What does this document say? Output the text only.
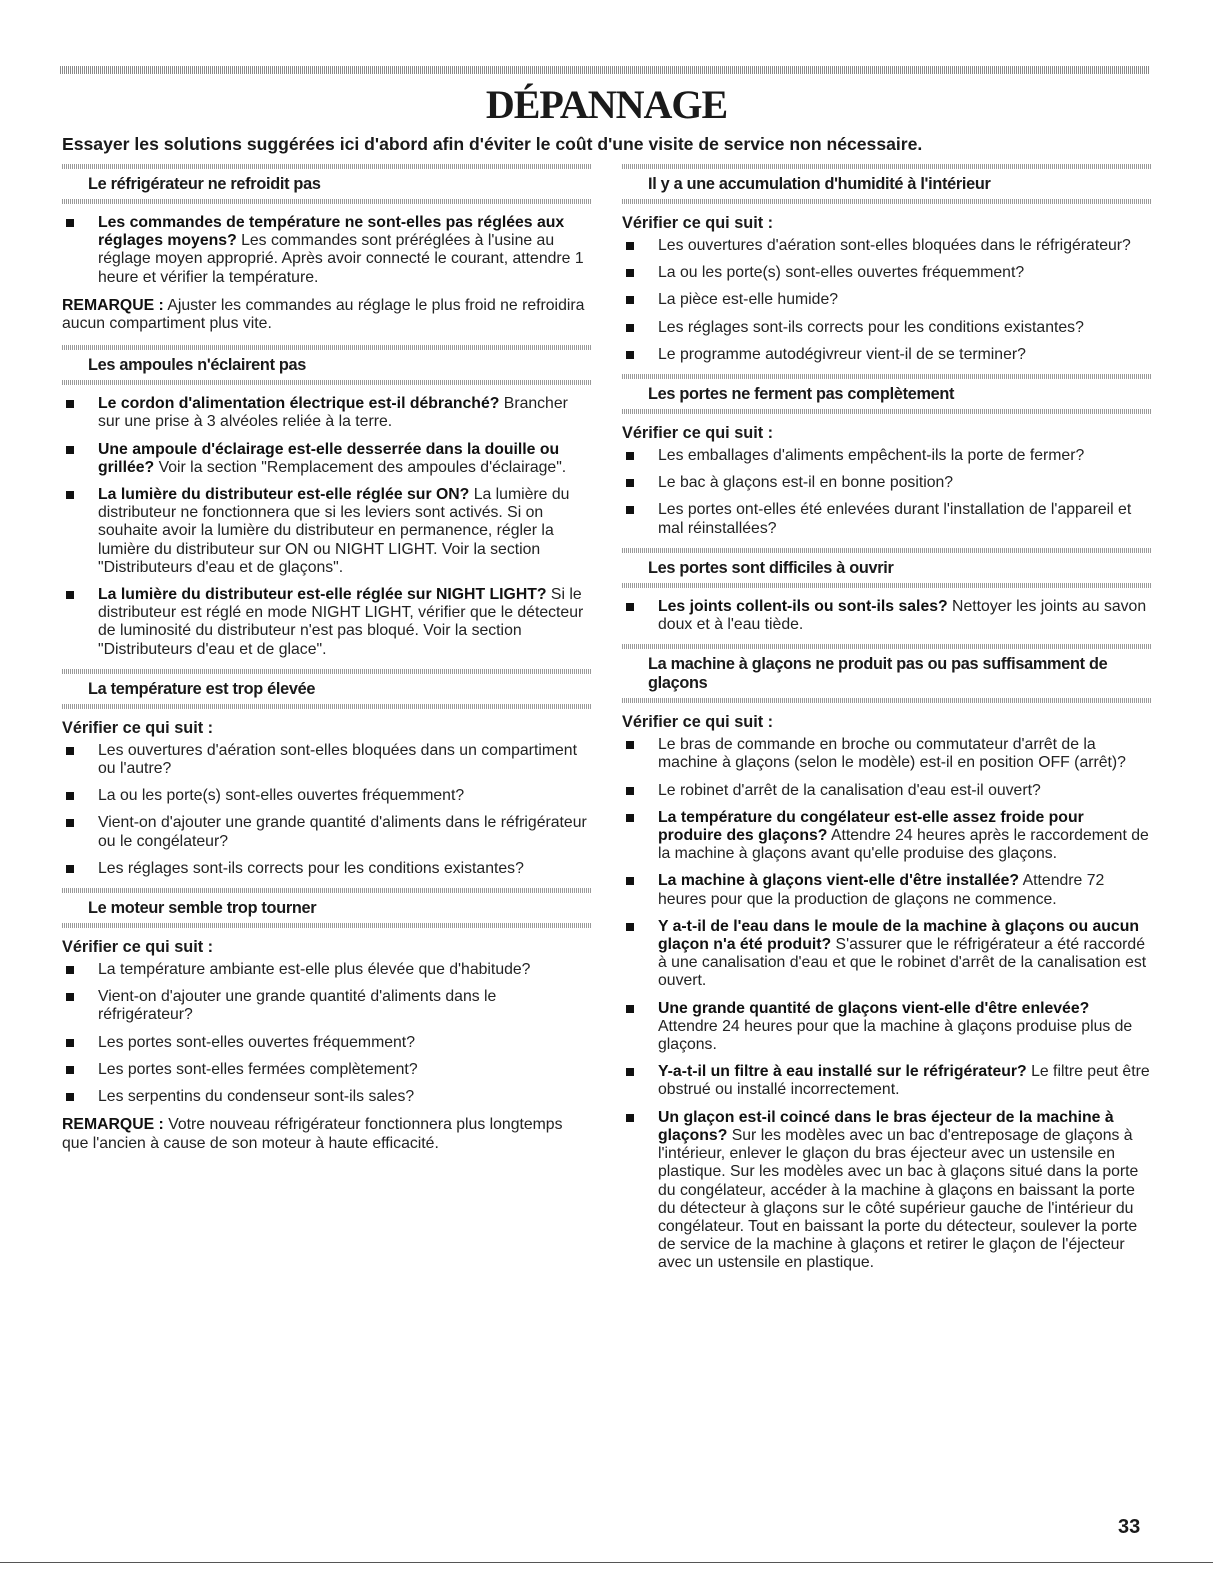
DÉPANNAGE

Essayer les solutions suggérées ici d'abord afin d'éviter le coût d'une visite de service non nécessaire.

Le réfrigérateur ne refroidit pas

Les commandes de température ne sont-elles pas réglées aux réglages moyens? Les commandes sont préréglées à l'usine au réglage moyen approprié. Après avoir connecté le courant, attendre 1 heure et vérifier la température.

REMARQUE : Ajuster les commandes au réglage le plus froid ne refroidira aucun compartiment plus vite.

Les ampoules n'éclairent pas

Le cordon d'alimentation électrique est-il débranché? Brancher sur une prise à 3 alvéoles reliée à la terre.
Une ampoule d'éclairage est-elle desserrée dans la douille ou grillée? Voir la section "Remplacement des ampoules d'éclairage".
La lumière du distributeur est-elle réglée sur ON? La lumière du distributeur ne fonctionnera que si les leviers sont activés. Si on souhaite avoir la lumière du distributeur en permanence, régler la lumière du distributeur sur ON ou NIGHT LIGHT. Voir la section "Distributeurs d'eau et de glaçons".
La lumière du distributeur est-elle réglée sur NIGHT LIGHT? Si le distributeur est réglé en mode NIGHT LIGHT, vérifier que le détecteur de luminosité du distributeur n'est pas bloqué. Voir la section "Distributeurs d'eau et de glace".

La température est trop élevée

Vérifier ce qui suit :

Les ouvertures d'aération sont-elles bloquées dans un compartiment ou l'autre?
La ou les porte(s) sont-elles ouvertes fréquemment?
Vient-on d'ajouter une grande quantité d'aliments dans le réfrigérateur ou le congélateur?
Les réglages sont-ils corrects pour les conditions existantes?

Le moteur semble trop tourner

Vérifier ce qui suit :

La température ambiante est-elle plus élevée que d'habitude?
Vient-on d'ajouter une grande quantité d'aliments dans le réfrigérateur?
Les portes sont-elles ouvertes fréquemment?
Les portes sont-elles fermées complètement?
Les serpentins du condenseur sont-ils sales?

REMARQUE : Votre nouveau réfrigérateur fonctionnera plus longtemps que l'ancien à cause de son moteur à haute efficacité.

Il y a une accumulation d'humidité à l'intérieur

Vérifier ce qui suit :

Les ouvertures d'aération sont-elles bloquées dans le réfrigérateur?
La ou les porte(s) sont-elles ouvertes fréquemment?
La pièce est-elle humide?
Les réglages sont-ils corrects pour les conditions existantes?
Le programme autodégivreur vient-il de se terminer?

Les portes ne ferment pas complètement

Vérifier ce qui suit :

Les emballages d'aliments empêchent-ils la porte de fermer?
Le bac à glaçons est-il en bonne position?
Les portes ont-elles été enlevées durant l'installation de l'appareil et mal réinstallées?

Les portes sont difficiles à ouvrir

Les joints collent-ils ou sont-ils sales? Nettoyer les joints au savon doux et à l'eau tiède.

La machine à glaçons ne produit pas ou pas suffisamment de glaçons

Vérifier ce qui suit :

Le bras de commande en broche ou commutateur d'arrêt de la machine à glaçons (selon le modèle) est-il en position OFF (arrêt)?
Le robinet d'arrêt de la canalisation d'eau est-il ouvert?
La température du congélateur est-elle assez froide pour produire des glaçons? Attendre 24 heures après le raccordement de la machine à glaçons avant qu'elle produise des glaçons.
La machine à glaçons vient-elle d'être installée? Attendre 72 heures pour que la production de glaçons ne commence.
Y a-t-il de l'eau dans le moule de la machine à glaçons ou aucun glaçon n'a été produit? S'assurer que le réfrigérateur a été raccordé à une canalisation d'eau et que le robinet d'arrêt de la canalisation est ouvert.
Une grande quantité de glaçons vient-elle d'être enlevée? Attendre 24 heures pour que la machine à glaçons produise plus de glaçons.
Y-a-t-il un filtre à eau installé sur le réfrigérateur? Le filtre peut être obstrué ou installé incorrectement.
Un glaçon est-il coincé dans le bras éjecteur de la machine à glaçons? Sur les modèles avec un bac d'entreposage de glaçons à l'intérieur, enlever le glaçon du bras éjecteur avec un ustensile en plastique. Sur les modèles avec un bac à glaçons situé dans la porte du congélateur, accéder à la machine à glaçons en baissant la porte du détecteur à glaçons sur le côté supérieur gauche de l'intérieur du congélateur. Tout en baissant la porte du détecteur, soulever la porte de service de la machine à glaçons et retirer le glaçon de l'éjecteur avec un ustensile en plastique.

33
